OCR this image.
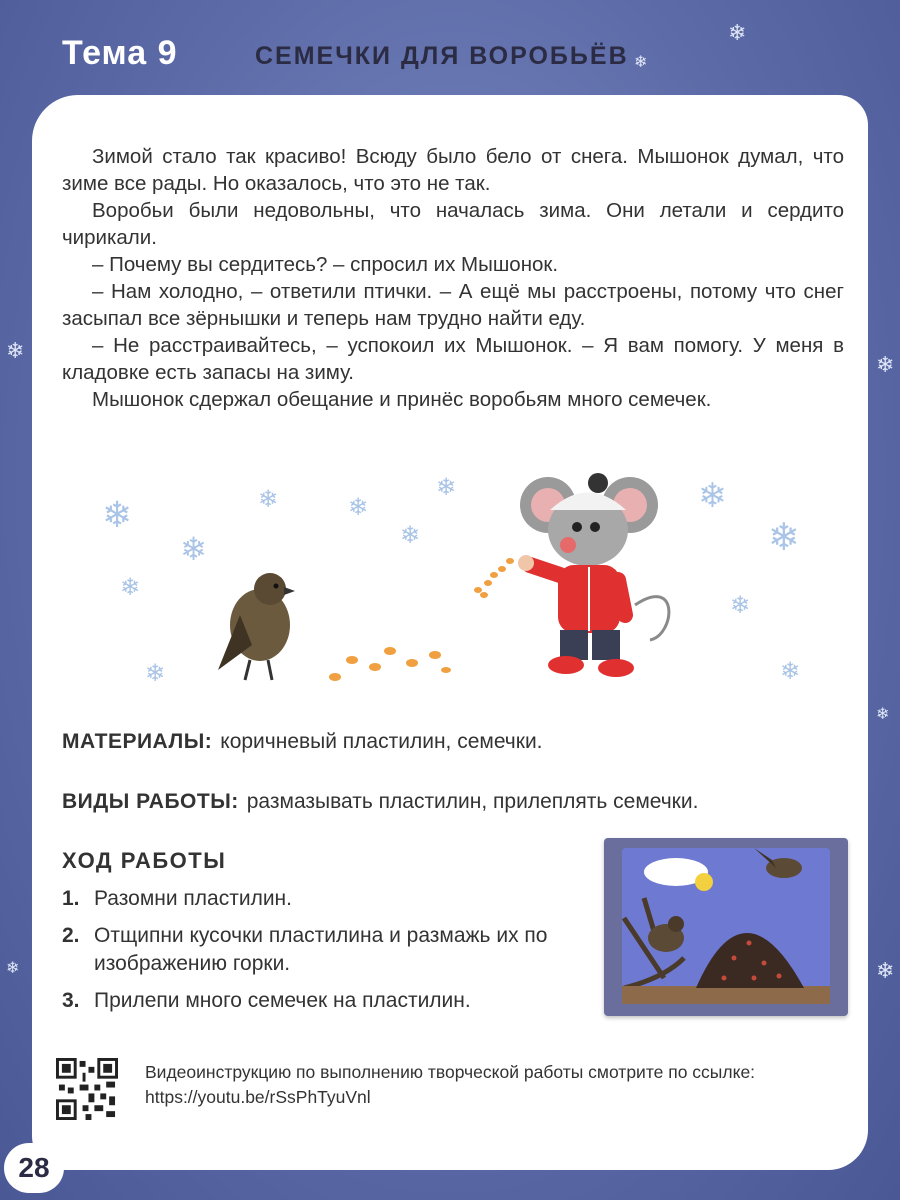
❄
❄
❄
❄
❄
❄	❄
Тема 9	СЕМЕЧКИ ДЛЯ ВОРОБЬЁВ

Зимой стало так красиво! Всюду было бело от снега. Мышонок думал, что зиме все рады. Но оказалось, что это не так.

Воробьи были недовольны, что началась зима. Они летали и сердито чирикали.

– Почему вы сердитесь? – спросил их Мышонок.

– Нам холодно, – ответили птички. – А ещё мы расстроены, потому что снег засыпал все зёрнышки и теперь нам трудно найти еду.

– Не расстраивайтесь, – успокоил их Мышонок. – Я вам помогу. У меня в кладовке есть запасы на зиму.

Мышонок сдержал обещание и принёс воробьям много семечек.

❄
❄
❄
❄
❄
❄
❄	❄
❄
❄
❄	❄
МАТЕРИАЛЫ: коричневый пластилин, семечки.
ВИДЫ РАБОТЫ: размазывать пластилин, прилеплять семечки.
ХОД РАБОТЫ
1. Разомни пластилин.
2. Отщипни кусочки пластилина и размажь их по изображению горки.
3. Прилепи много семечек на пластилин.
Видеоинструкцию по выполнению творческой работы смотрите по ссылке: https://youtu.be/rSsPhTyuVnl
28
